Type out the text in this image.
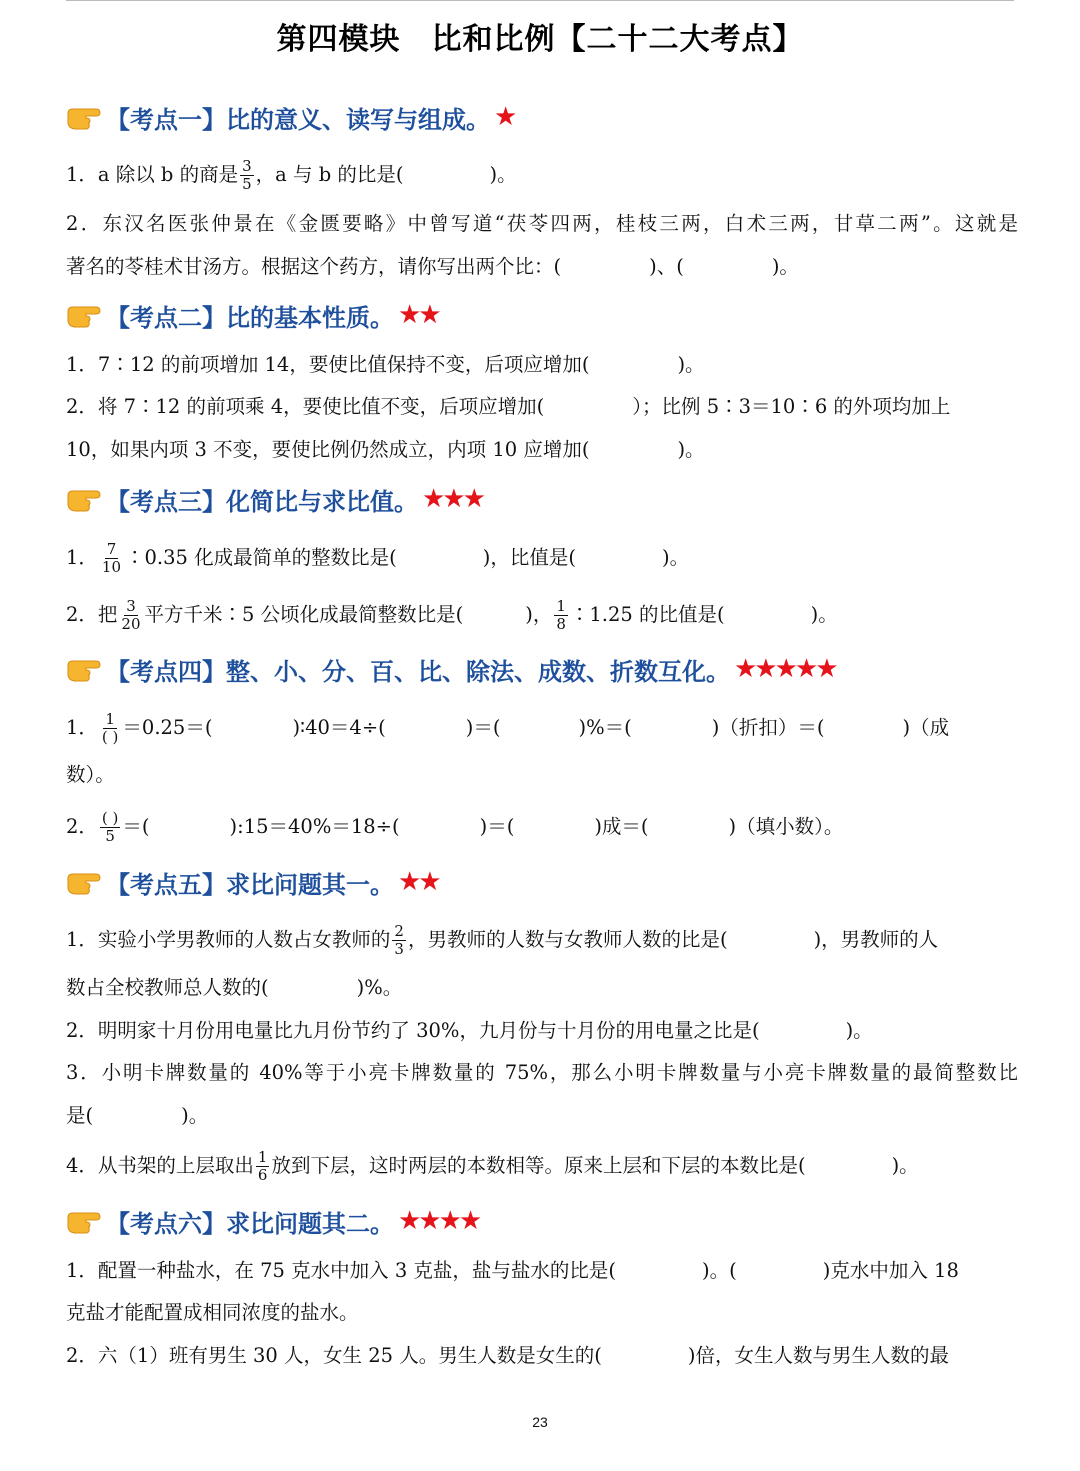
第四模块　比和比例【二十二大考点】
【考点一】比的意义、读写与组成。 ★
1．a 除以 b 的商是 $\frac{3}{5}$ ，a 与 b 的比是(	)。
2．东汉名医张仲景在《金匮要略》中曾写道“茯苓四两，桂枝三两，白术三两，甘草二两”。这就是
著名的苓桂术甘汤方。根据这个药方，请你写出两个比：(	)、(	)。
【考点二】比的基本性质。 ★★
1．7∶12 的前项增加 14，要使比值保持不变，后项应增加(	)。
2．将 7∶12 的前项乘 4，要使比值不变，后项应增加(	）；比例 5∶3＝10∶6 的外项均加上
10，如果内项 3 不变，要使比例仍然成立，内项 10 应增加(	)。
【考点三】化简比与求比值。 ★★★
1． $\frac{7}{10}$ ∶0.35 化成最简单的整数比是(	)，比值是(	)。
2．把 $\frac{3}{20}$ 平方千米∶5 公顷化成最简整数比是(	)， $\frac{1}{8}$ ∶1.25 的比值是(	)。
【考点四】整、小、分、百、比、除法、成数、折数互化。 ★★★★★
1． $\frac{1}{( )} =0.25=$(	)∶40＝4÷(	)＝(	)%＝(	)（折扣）＝(	)（成
数）。
2． $\frac{( )}{5}$ ＝(	):15＝40%＝18÷(	)＝(	)成＝(	)（填小数）。
【考点五】求比问题其一。 ★★
1．实验小学男教师的人数占女教师的 $\frac{2}{3}$ ，男教师的人数与女教师人数的比是(	)，男教师的人
数占全校教师总人数的(	)%。
2．明明家十月份用电量比九月份节约了 30%，九月份与十月份的用电量之比是(	)。
3．小明卡牌数量的 40%等于小亮卡牌数量的 75%，那么小明卡牌数量与小亮卡牌数量的最简整数比
是(	)。
4．从书架的上层取出 $\frac{1}{6}$ 放到下层，这时两层的本数相等。原来上层和下层的本数比是(	)。
【考点六】求比问题其二。 ★★★★
1．配置一种盐水，在 75 克水中加入 3 克盐，盐与盐水的比是(	)。(	)克水中加入 18
克盐才能配置成相同浓度的盐水。
2．六（1）班有男生 30 人，女生 25 人。男生人数是女生的(	)倍，女生人数与男生人数的最
23
